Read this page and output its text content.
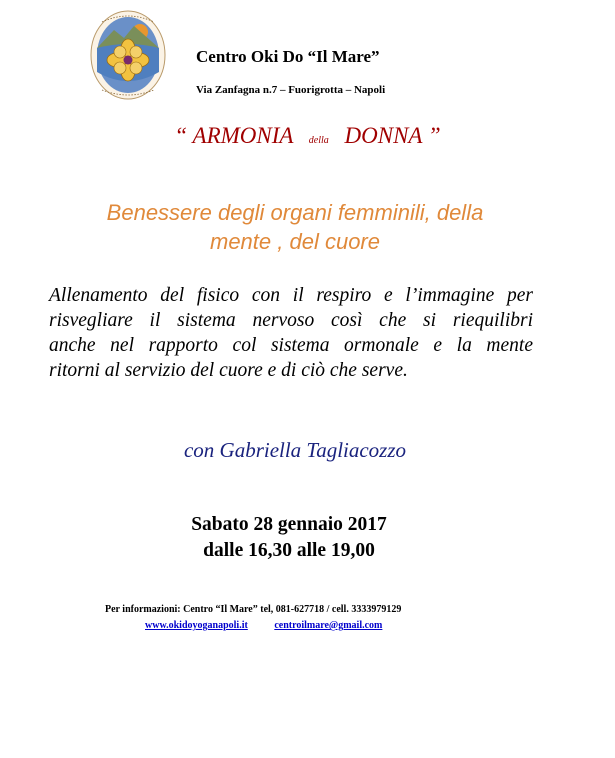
Centro Oki Do “Il Mare”
Via Zanfagna n.7 – Fuorigrotta – Napoli
“ ARMONIA della DONNA ”
Benessere degli organi femminili, della
mente , del cuore
Allenamento del fisico con il respiro e l’immagine per
risvegliare il sistema nervoso così che si riequilibri
anche nel rapporto col sistema ormonale e la mente
ritorni al servizio del cuore e di ciò che serve.
con Gabriella Tagliacozzo
Sabato 28 gennaio 2017
dalle 16,30 alle 19,00
Per informazioni: Centro “Il Mare” tel, 081-627718 / cell. 3333979129
www.okidoyoganapoli.it	centroilmare@gmail.com
